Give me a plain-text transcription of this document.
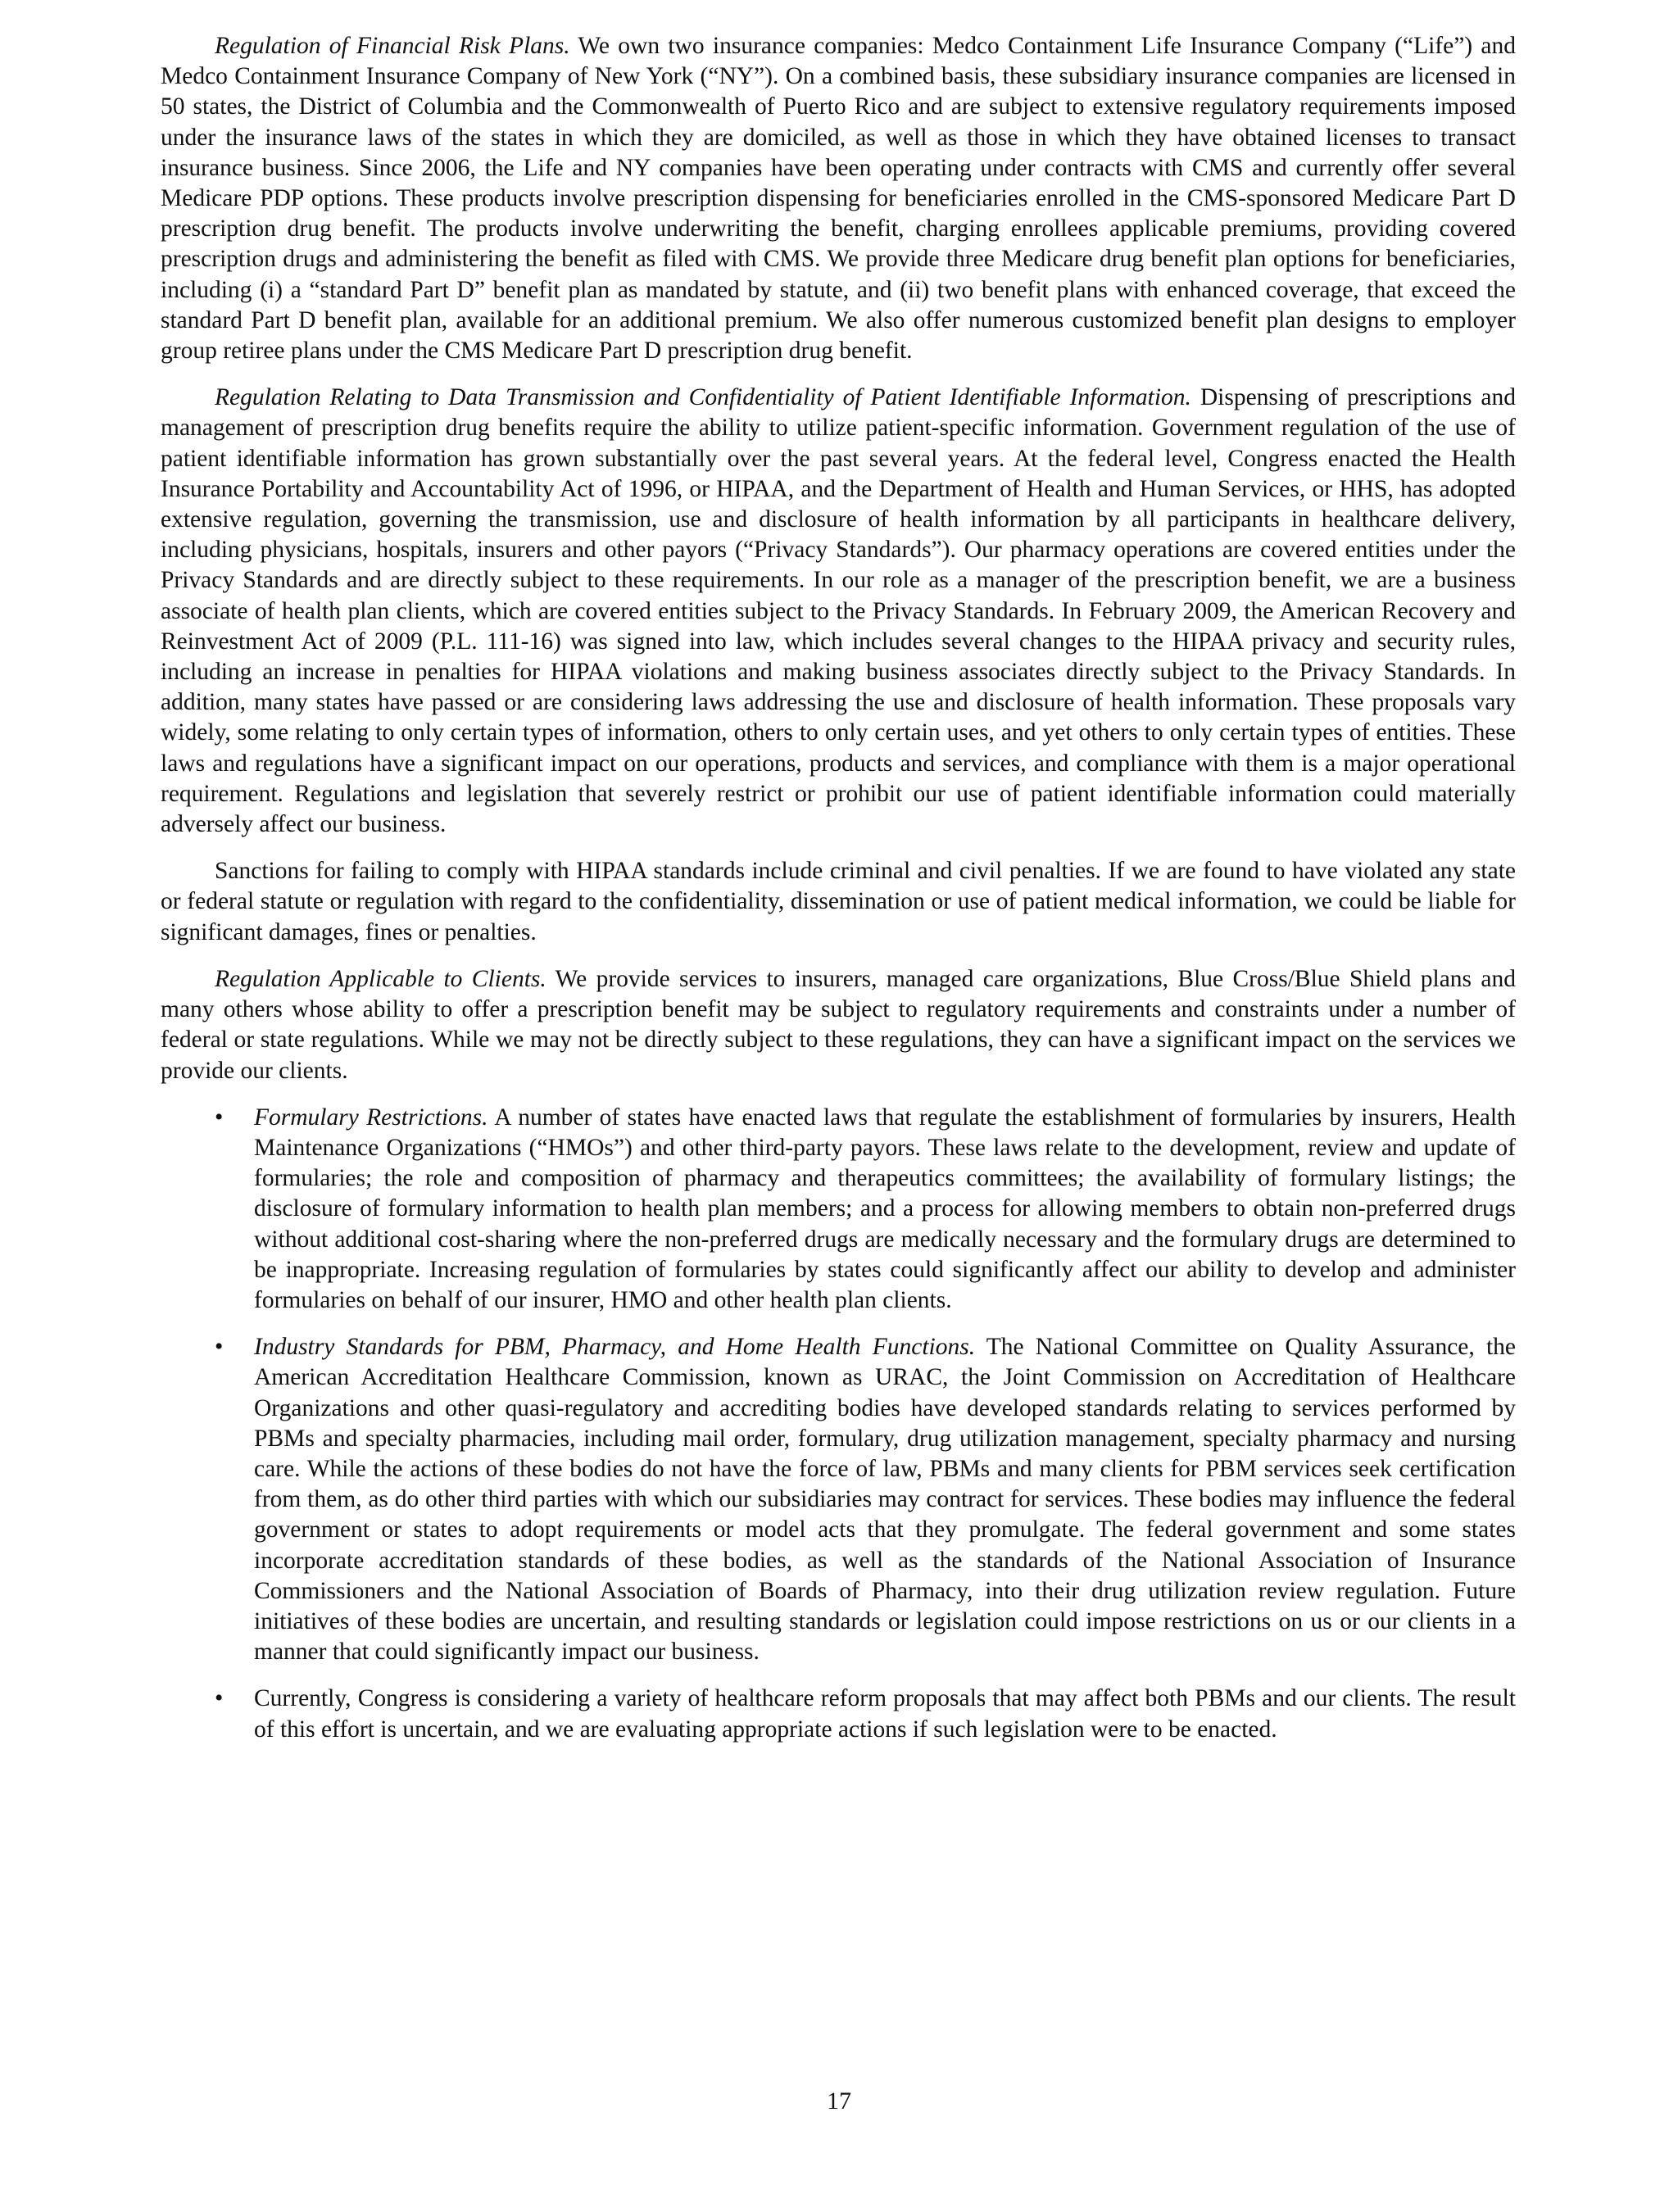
Regulation of Financial Risk Plans. We own two insurance companies: Medco Containment Life Insurance Company (“Life”) and Medco Containment Insurance Company of New York (“NY”). On a combined basis, these subsidiary insurance companies are licensed in 50 states, the District of Columbia and the Commonwealth of Puerto Rico and are subject to extensive regulatory requirements imposed under the insurance laws of the states in which they are domiciled, as well as those in which they have obtained licenses to transact insurance business. Since 2006, the Life and NY companies have been operating under contracts with CMS and currently offer several Medicare PDP options. These products involve prescription dispensing for beneficiaries enrolled in the CMS-sponsored Medicare Part D prescription drug benefit. The products involve underwriting the benefit, charging enrollees applicable premiums, providing covered prescription drugs and administering the benefit as filed with CMS. We provide three Medicare drug benefit plan options for beneficiaries, including (i) a “standard Part D” benefit plan as mandated by statute, and (ii) two benefit plans with enhanced coverage, that exceed the standard Part D benefit plan, available for an additional premium. We also offer numerous customized benefit plan designs to employer group retiree plans under the CMS Medicare Part D prescription drug benefit.

Regulation Relating to Data Transmission and Confidentiality of Patient Identifiable Information. Dispensing of prescriptions and management of prescription drug benefits require the ability to utilize patient-specific information. Government regulation of the use of patient identifiable information has grown substantially over the past several years. At the federal level, Congress enacted the Health Insurance Portability and Accountability Act of 1996, or HIPAA, and the Department of Health and Human Services, or HHS, has adopted extensive regulation, governing the transmission, use and disclosure of health information by all participants in healthcare delivery, including physicians, hospitals, insurers and other payors (“Privacy Standards”). Our pharmacy operations are covered entities under the Privacy Standards and are directly subject to these requirements. In our role as a manager of the prescription benefit, we are a business associate of health plan clients, which are covered entities subject to the Privacy Standards. In February 2009, the American Recovery and Reinvestment Act of 2009 (P.L. 111-16) was signed into law, which includes several changes to the HIPAA privacy and security rules, including an increase in penalties for HIPAA violations and making business associates directly subject to the Privacy Standards. In addition, many states have passed or are considering laws addressing the use and disclosure of health information. These proposals vary widely, some relating to only certain types of information, others to only certain uses, and yet others to only certain types of entities. These laws and regulations have a significant impact on our operations, products and services, and compliance with them is a major operational requirement. Regulations and legislation that severely restrict or prohibit our use of patient identifiable information could materially adversely affect our business.

Sanctions for failing to comply with HIPAA standards include criminal and civil penalties. If we are found to have violated any state or federal statute or regulation with regard to the confidentiality, dissemination or use of patient medical information, we could be liable for significant damages, fines or penalties.

Regulation Applicable to Clients. We provide services to insurers, managed care organizations, Blue Cross/Blue Shield plans and many others whose ability to offer a prescription benefit may be subject to regulatory requirements and constraints under a number of federal or state regulations. While we may not be directly subject to these regulations, they can have a significant impact on the services we provide our clients.

• Formulary Restrictions. A number of states have enacted laws that regulate the establishment of formularies by insurers, Health Maintenance Organizations (“HMOs”) and other third-party payors. These laws relate to the development, review and update of formularies; the role and composition of pharmacy and therapeutics committees; the availability of formulary listings; the disclosure of formulary information to health plan members; and a process for allowing members to obtain non-preferred drugs without additional cost-sharing where the non-preferred drugs are medically necessary and the formulary drugs are determined to be inappropriate. Increasing regulation of formularies by states could significantly affect our ability to develop and administer formularies on behalf of our insurer, HMO and other health plan clients.
• Industry Standards for PBM, Pharmacy, and Home Health Functions. The National Committee on Quality Assurance, the American Accreditation Healthcare Commission, known as URAC, the Joint Commission on Accreditation of Healthcare Organizations and other quasi-regulatory and accrediting bodies have developed standards relating to services performed by PBMs and specialty pharmacies, including mail order, formulary, drug utilization management, specialty pharmacy and nursing care. While the actions of these bodies do not have the force of law, PBMs and many clients for PBM services seek certification from them, as do other third parties with which our subsidiaries may contract for services. These bodies may influence the federal government or states to adopt requirements or model acts that they promulgate. The federal government and some states incorporate accreditation standards of these bodies, as well as the standards of the National Association of Insurance Commissioners and the National Association of Boards of Pharmacy, into their drug utilization review regulation. Future initiatives of these bodies are uncertain, and resulting standards or legislation could impose restrictions on us or our clients in a manner that could significantly impact our business.
• Currently, Congress is considering a variety of healthcare reform proposals that may affect both PBMs and our clients. The result of this effort is uncertain, and we are evaluating appropriate actions if such legislation were to be enacted.
17
